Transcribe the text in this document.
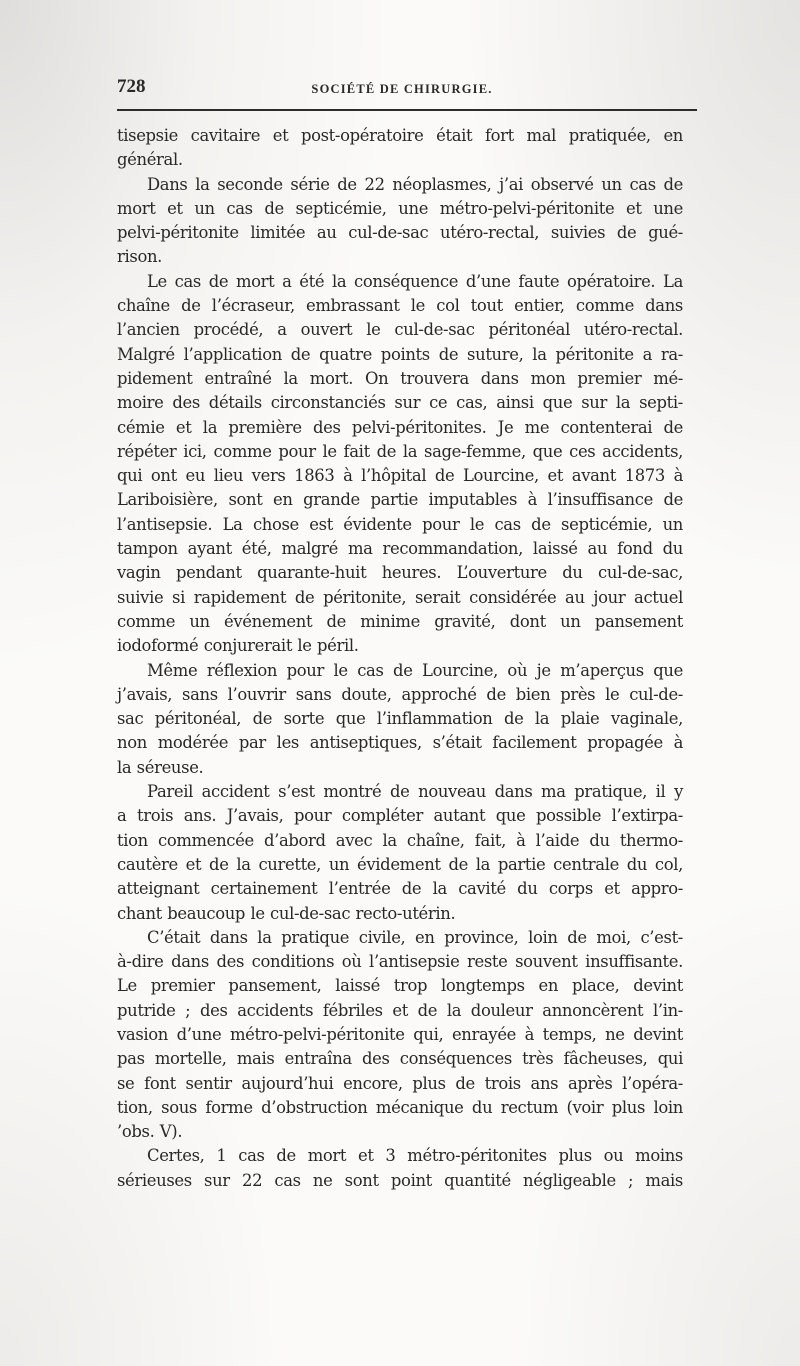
728	SOCIÉTÉ DE CHIRURGIE.
tisepsie cavitaire et post-opératoire était fort mal pratiquée, en
général.
Dans la seconde série de 22 néoplasmes, j’ai observé un cas de
mort et un cas de septicémie, une métro-pelvi-péritonite et une
pelvi-péritonite limitée au cul-de-sac utéro-rectal, suivies de gué-
rison.
Le cas de mort a été la conséquence d’une faute opératoire. La
chaîne de l’écraseur, embrassant le col tout entier, comme dans
l’ancien procédé, a ouvert le cul-de-sac péritonéal utéro-rectal.
Malgré l’application de quatre points de suture, la péritonite a ra-
pidement entraîné la mort. On trouvera dans mon premier mé-
moire des détails circonstanciés sur ce cas, ainsi que sur la septi-
cémie et la première des pelvi-péritonites. Je me contenterai de
répéter ici, comme pour le fait de la sage-femme, que ces accidents,
qui ont eu lieu vers 1863 à l’hôpital de Lourcine, et avant 1873 à
Lariboisière, sont en grande partie imputables à l’insuffisance de
l’antisepsie. La chose est évidente pour le cas de septicémie, un
tampon ayant été, malgré ma recommandation, laissé au fond du
vagin pendant quarante-huit heures. L’ouverture du cul-de-sac,
suivie si rapidement de péritonite, serait considérée au jour actuel
comme un événement de minime gravité, dont un pansement
iodoformé conjurerait le péril.
Même réflexion pour le cas de Lourcine, où je m’aperçus que
j’avais, sans l’ouvrir sans doute, approché de bien près le cul-de-
sac péritonéal, de sorte que l’inflammation de la plaie vaginale,
non modérée par les antiseptiques, s’était facilement propagée à
la séreuse.
Pareil accident s’est montré de nouveau dans ma pratique, il y
a trois ans. J’avais, pour compléter autant que possible l’extirpa-
tion commencée d’abord avec la chaîne, fait, à l’aide du thermo-
cautère et de la curette, un évidement de la partie centrale du col,
atteignant certainement l’entrée de la cavité du corps et appro-
chant beaucoup le cul-de-sac recto-utérin.
C’était dans la pratique civile, en province, loin de moi, c’est-
à-dire dans des conditions où l’antisepsie reste souvent insuffisante.
Le premier pansement, laissé trop longtemps en place, devint
putride ; des accidents fébriles et de la douleur annoncèrent l’in-
vasion d’une métro-pelvi-péritonite qui, enrayée à temps, ne devint
pas mortelle, mais entraîna des conséquences très fâcheuses, qui
se font sentir aujourd’hui encore, plus de trois ans après l’opéra-
tion, sous forme d’obstruction mécanique du rectum (voir plus loin
’obs. V).
Certes, 1 cas de mort et 3 métro-péritonites plus ou moins
sérieuses sur 22 cas ne sont point quantité négligeable ; mais
